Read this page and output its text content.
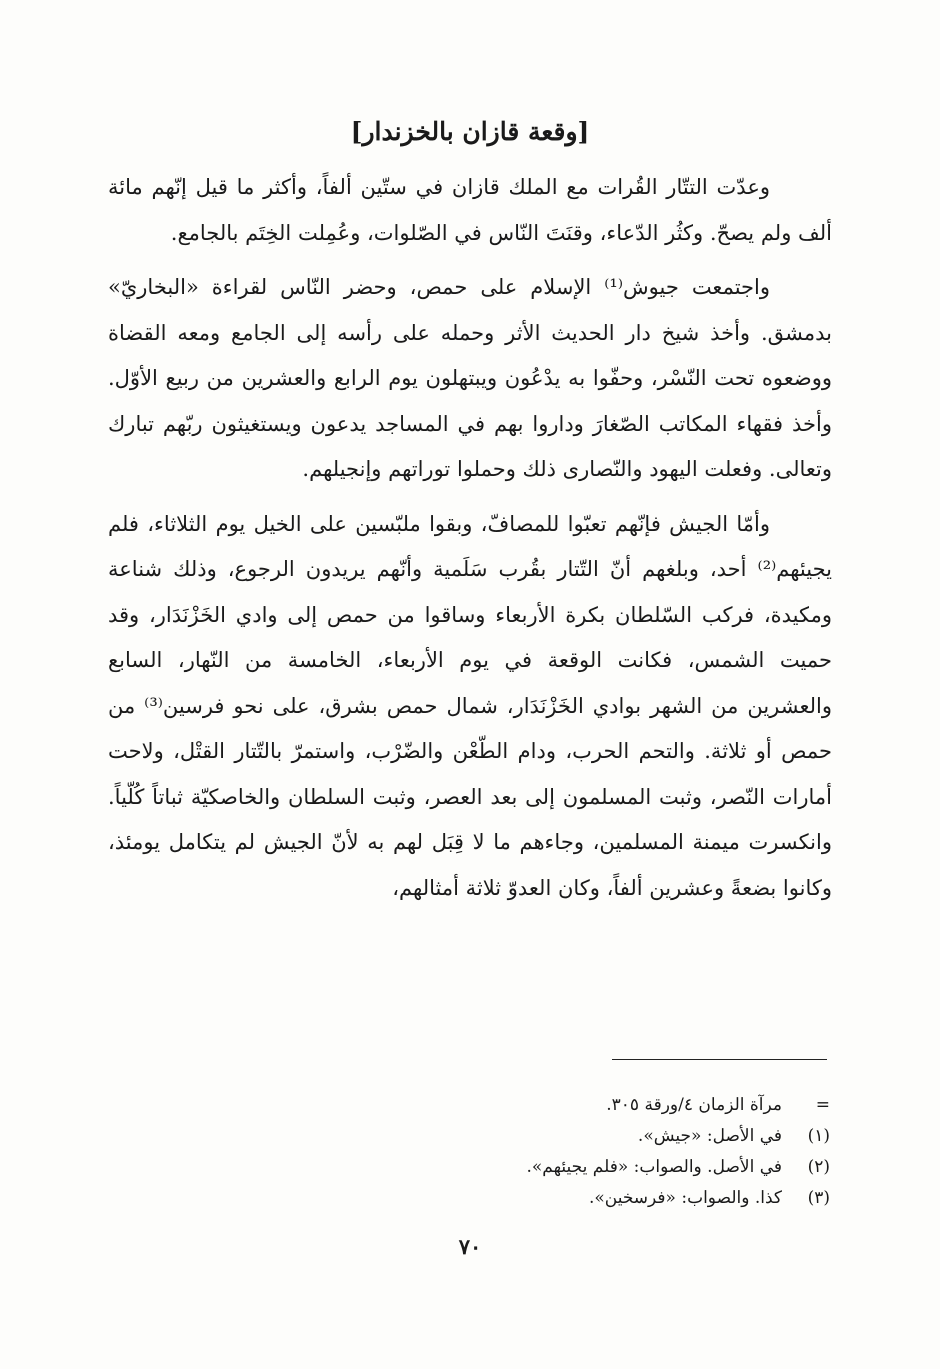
[وقعة قازان بالخزندار]

وعدّت التتّار القُرات مع الملك قازان في ستّين ألفاً، وأكثر ما قيل إنّهم مائة ألف ولم يصحّ. وكثُر الدّعاء، وقنَتَ النّاس في الصّلوات، وعُمِلت الخِتَم بالجامع.

واجتمعت جيوش⁽¹⁾ الإسلام على حمص، وحضر النّاس لقراءة «البخاريّ» بدمشق. وأخذ شيخ دار الحديث الأثر وحمله على رأسه إلى الجامع ومعه القضاة ووضعوه تحت النّسْر، وحفّوا به يدْعُون ويبتهلون يوم الرابع والعشرين من ربيع الأوّل. وأخذ فقهاء المكاتب الصّغارَ وداروا بهم في المساجد يدعون ويستغيثون ربّهم تبارك وتعالى. وفعلت اليهود والنّصارى ذلك وحملوا توراتهم وإنجيلهم.

وأمّا الجيش فإنّهم تعبّوا للمصافّ، وبقوا ملبّسين على الخيل يوم الثلاثاء، فلم يجيئهم⁽²⁾ أحد، وبلغهم أنّ التّتار بقُرب سَلَمية وأنّهم يريدون الرجوع، وذلك شناعة ومكيدة، فركب السّلطان بكرة الأربعاء وساقوا من حمص إلى وادي الخَزْنَدَار، وقد حميت الشمس، فكانت الوقعة في يوم الأربعاء، الخامسة من النّهار، السابع والعشرين من الشهر بوادي الخَزْنَدَار، شمال حمص بشرق، على نحو فرسين⁽³⁾ من حمص أو ثلاثة. والتحم الحرب، ودام الطّعْن والضّرْب، واستمرّ بالتّتار القتْل، ولاحت أمارات النّصر، وثبت المسلمون إلى بعد العصر، وثبت السلطان والخاصكيّة ثباتاً كُلّياً. وانكسرت ميمنة المسلمين، وجاءهم ما لا قِبَل لهم به لأنّ الجيش لم يتكامل يومئذ، وكانوا بضعةً وعشرين ألفاً، وكان العدوّ ثلاثة أمثالهم،

=
مرآة الزمان ٤/ورقة ٣٠٥.
(١)
في الأصل: «جيش».
(٢)
في الأصل. والصواب: «فلم يجيئهم».
(٣)
كذا. والصواب: «فرسخين».
٧٠
